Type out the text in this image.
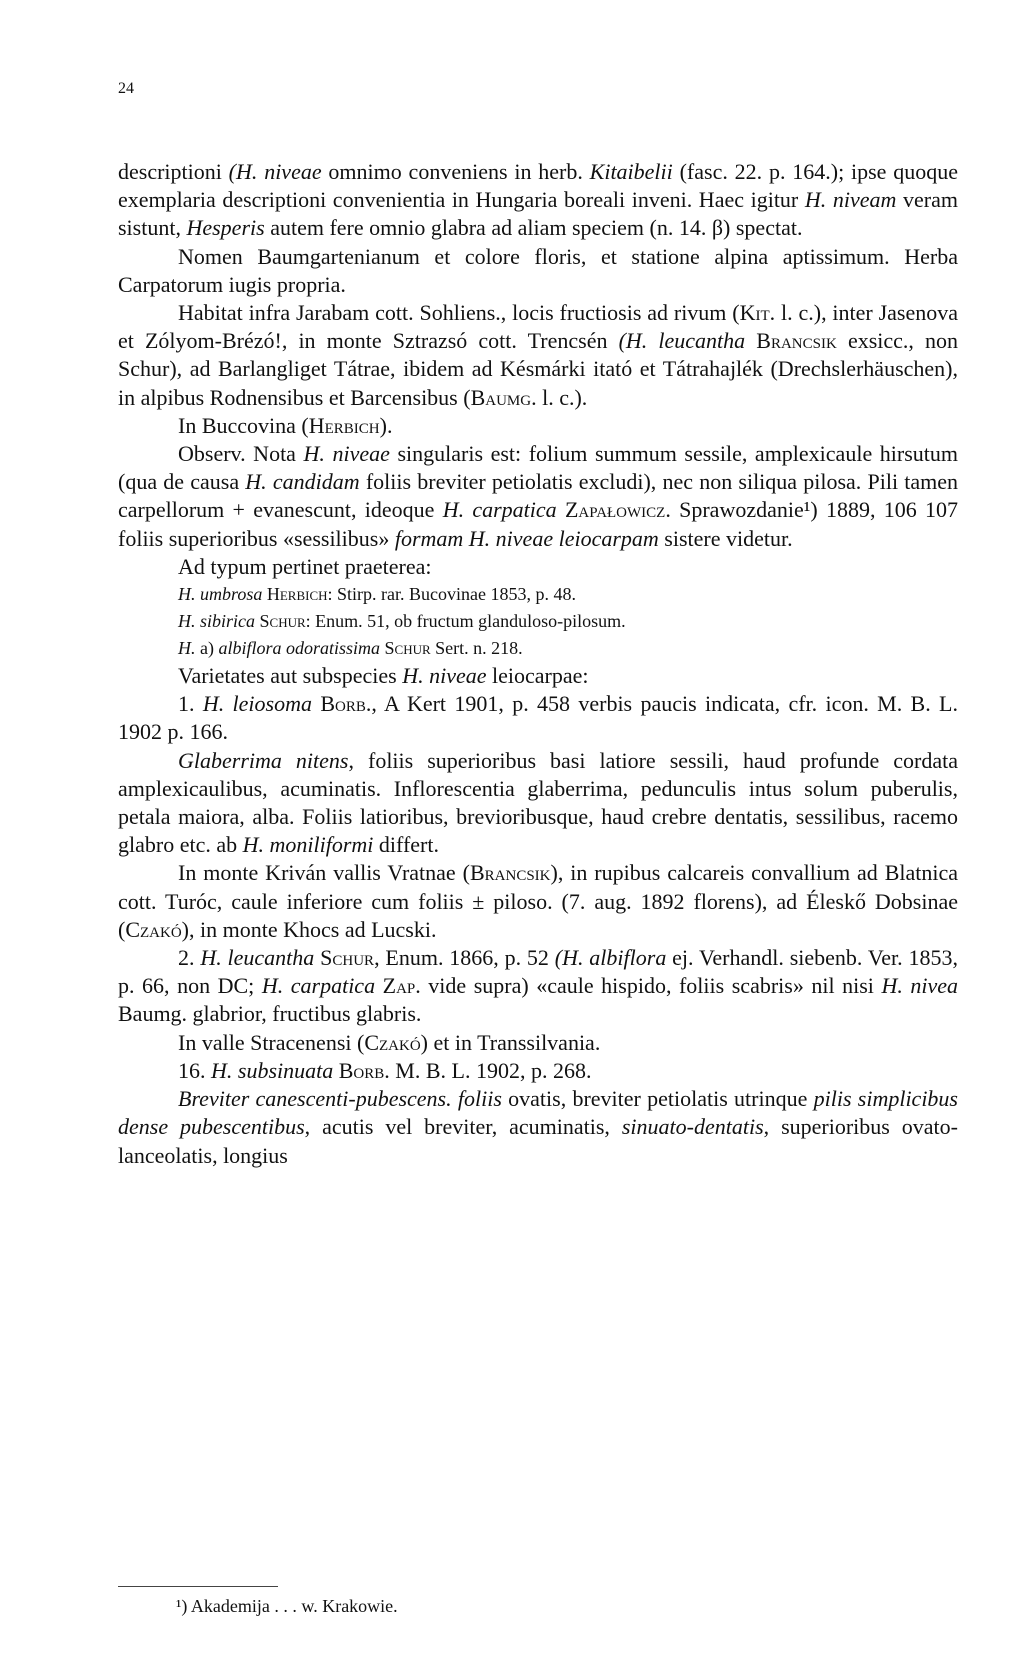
24

descriptioni (H. niveae omnimo conveniens in herb. Kitaibelii (fasc. 22. p. 164.); ipse quoque exemplaria descriptioni convenientia in Hungaria boreali inveni. Haec igitur H. niveam veram sistunt, Hesperis autem fere omnio glabra ad aliam speciem (n. 14. β) spectat.

Nomen Baumgartenianum et colore floris, et statione alpina aptissimum. Herba Carpatorum iugis propria.

Habitat infra Jarabam cott. Sohliens., locis fructiosis ad rivum (Kit. l. c.), inter Jasenova et Zólyom-Brézó!, in monte Sztrazsó cott. Trencsén (H. leucantha Brancsik exsicc., non Schur), ad Barlangliget Tátrae, ibidem ad Késmárki itató et Tátrahajlék (Drechslerhäuschen), in alpibus Rodnensibus et Barcensibus (Baumg. l. c.).

In Buccovina (Herbich).

Observ. Nota H. niveae singularis est: folium summum sessile, amplexicaule hirsutum (qua de causa H. candidam foliis breviter petiolatis excludi), nec non siliqua pilosa. Pili tamen carpellorum + evanescunt, ideoque H. carpatica Zapałowicz. Sprawozdanie¹) 1889, 106 107 foliis superioribus «sessilibus» formam H. niveae leiocarpam sistere videtur.

Ad typum pertinet praeterea:

H. umbrosa Herbich: Stirp. rar. Bucovinae 1853, p. 48.

H. sibirica Schur: Enum. 51, ob fructum glanduloso-pilosum.

H. a) albiflora odoratissima Schur Sert. n. 218.

Varietates aut subspecies H. niveae leiocarpae:

1. H. leiosoma Borb., A Kert 1901, p. 458 verbis paucis indicata, cfr. icon. M. B. L. 1902 p. 166.

Glaberrima nitens, foliis superioribus basi latiore sessili, haud profunde cordata amplexicaulibus, acuminatis. Inflorescentia glaberrima, pedunculis intus solum puberulis, petala maiora, alba. Foliis latioribus, brevioribusque, haud crebre dentatis, sessilibus, racemo glabro etc. ab H. moniliformi differt.

In monte Kriván vallis Vratnae (Brancsik), in rupibus calcareis convallium ad Blatnica cott. Turóc, caule inferiore cum foliis ± piloso. (7. aug. 1892 florens), ad Éleskő Dobsinae (Czakó), in monte Khocs ad Lucski.

2. H. leucantha Schur, Enum. 1866, p. 52 (H. albiflora ej. Verhandl. siebenb. Ver. 1853, p. 66, non DC; H. carpatica Zap. vide supra) «caule hispido, foliis scabris» nil nisi H. nivea Baumg. glabrior, fructibus glabris.

In valle Stracenensi (Czakó) et in Transsilvania.

16. H. subsinuata Borb. M. B. L. 1902, p. 268.

Breviter canescenti-pubescens. foliis ovatis, breviter petiolatis utrinque pilis simplicibus dense pubescentibus, acutis vel breviter, acuminatis, sinuato-dentatis, superioribus ovato-lanceolatis, longius

¹) Akademija . . . w. Krakowie.
